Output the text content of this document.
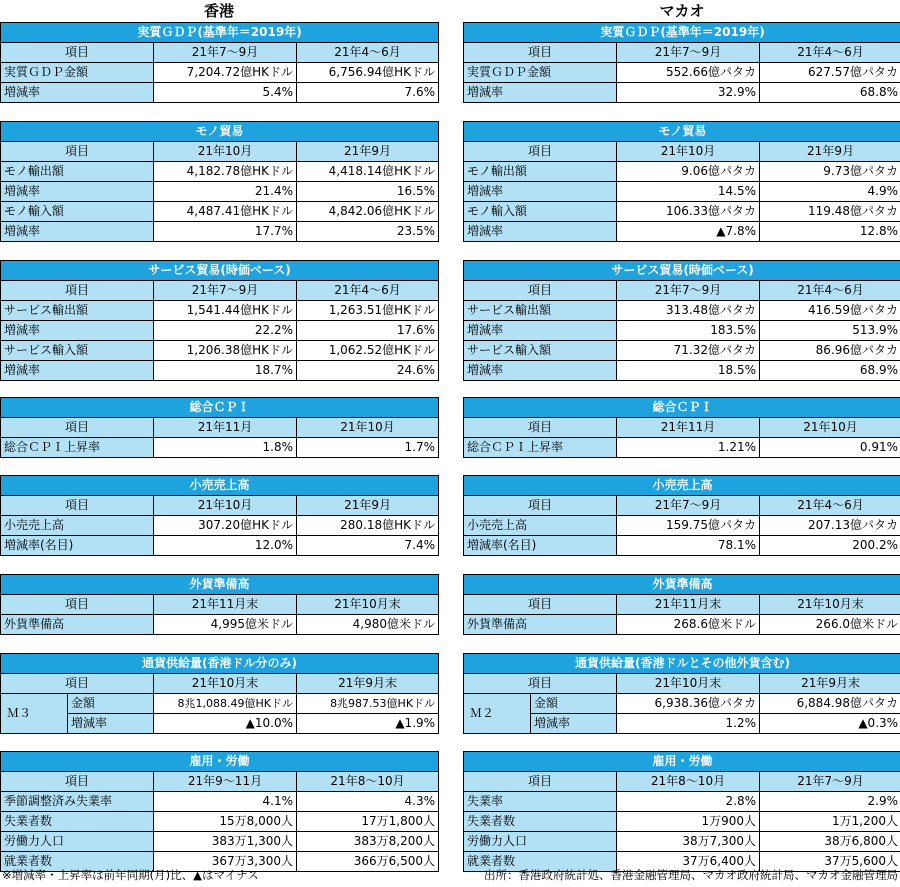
香港	マカオ
実質ＧＤＰ(基準年＝2019年)		
項目	21年7～9月	21年4～6月
実質ＧＤＰ金額	7,204.72億HKドル	6,756.94億HKドル
増減率	5.4%	7.6%
モノ貿易		
項目	21年10月	21年9月
モノ輸出額	4,182.78億HKドル	4,418.14億HKドル
増減率	21.4%	16.5%
モノ輸入額	4,487.41億HKドル	4,842.06億HKドル
増減率	17.7%	23.5%
サービス貿易(時価ベース)		
項目	21年7～9月	21年4～6月
サービス輸出額	1,541.44億HKドル	1,263.51億HKドル
増減率	22.2%	17.6%
サービス輸入額	1,206.38億HKドル	1,062.52億HKドル
増減率	18.7%	24.6%
総合ＣＰＩ		
項目	21年11月	21年10月
総合ＣＰＩ上昇率	1.8%	1.7%
小売売上高		
項目	21年10月	21年9月
小売売上高	307.20億HKドル	280.18億HKドル
増減率(名目)	12.0%	7.4%
外貨準備高		
項目	21年11月末	21年10月末
外貨準備高	4,995億米ドル	4,980億米ドル
通貨供給量(香港ドル分のみ)			
項目		21年10月末	21年9月末
Ｍ３	金額	8兆1,088.49億HKドル	8兆987.53億HKドル
	増減率	▲10.0%	▲1.9%
雇用・労働		
項目	21年9～11月	21年8～10月
季節調整済み失業率	4.1%	4.3%
失業者数	15万8,000人	17万1,800人
労働力人口	383万1,300人	383万8,200人
就業者数	367万3,300人	366万6,500人
実質ＧＤＰ(基準年＝2019年)		
項目	21年7～9月	21年4～6月
実質ＧＤＰ金額	552.66億パタカ	627.57億パタカ
増減率	32.9%	68.8%
モノ貿易		
項目	21年10月	21年9月
モノ輸出額	9.06億パタカ	9.73億パタカ
増減率	14.5%	4.9%
モノ輸入額	106.33億パタカ	119.48億パタカ
増減率	▲7.8%	12.8%
サービス貿易(時価ベース)		
項目	21年7～9月	21年4～6月
サービス輸出額	313.48億パタカ	416.59億パタカ
増減率	183.5%	513.9%
サービス輸入額	71.32億パタカ	86.96億パタカ
増減率	18.5%	68.9%
総合ＣＰＩ		
項目	21年11月	21年10月
総合ＣＰＩ上昇率	1.21%	0.91%
小売売上高		
項目	21年7～9月	21年4～6月
小売売上高	159.75億パタカ	207.13億パタカ
増減率(名目)	78.1%	200.2%
外貨準備高		
項目	21年11月末	21年10月末
外貨準備高	268.6億米ドル	266.0億米ドル
通貨供給量(香港ドルとその他外貨含む)			
項目		21年10月末	21年9月末
Ｍ２	金額	6,938.36億パタカ	6,884.98億パタカ
	増減率	1.2%	▲0.3%
雇用・労働		
項目	21年8～10月	21年7～9月
失業率	2.8%	2.9%
失業者数	1万900人	1万1,200人
労働力人口	38万7,300人	38万6,800人
就業者数	37万6,400人	37万5,600人
※増減率・上昇率は前年同期(月)比、▲はマイナス	出所：香港政府統計処、香港金融管理局、マカオ政府統計局、マカオ金融管理局
